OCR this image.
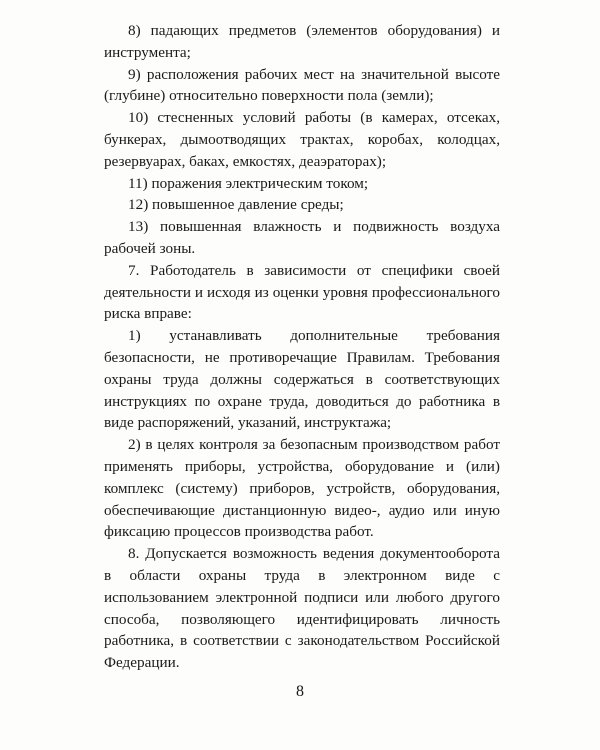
8) падающих предметов (элементов оборудования) и инструмента;

9) расположения рабочих мест на значительной высоте (глубине) относительно поверхности пола (земли);

10) стесненных условий работы (в камерах, отсеках, бункерах, дымоотводящих трактах, коробах, колодцах, резервуарах, баках, емкостях, деаэраторах);

11) поражения электрическим током;

12) повышенное давление среды;

13) повышенная влажность и подвижность воздуха рабочей зоны.

7. Работодатель в зависимости от специфики своей деятельности и исходя из оценки уровня профессионального риска вправе:

1) устанавливать дополнительные требования безопасности, не противоречащие Правилам. Требования охраны труда должны содержаться в соответствующих инструкциях по охране труда, доводиться до работника в виде распоряжений, указаний, инструктажа;

2) в целях контроля за безопасным производством работ применять приборы, устройства, оборудование и (или) комплекс (систему) приборов, устройств, оборудования, обеспечивающие дистанционную видео-, аудио или иную фиксацию процессов производства работ.

8. Допускается возможность ведения документооборота в области охраны труда в электронном виде с использованием электронной подписи или любого другого способа, позволяющего идентифицировать личность работника, в соответствии с законодательством Российской Федерации.

8
